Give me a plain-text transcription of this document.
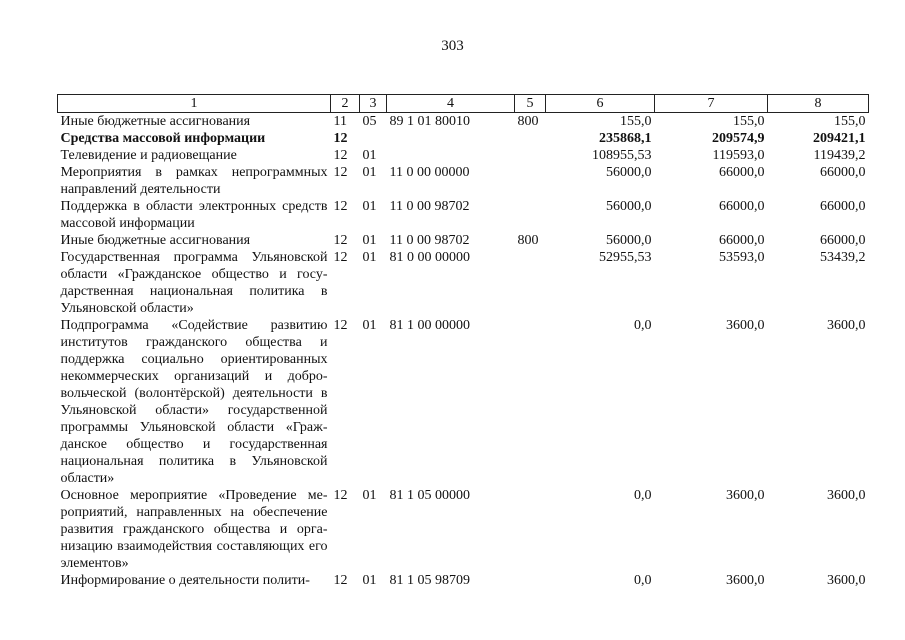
303
1	2	3	4	5	6	7	8
Иные бюджетные ассигнования	11	05	89 1 01 80010	800	155,0	155,0	155,0
Средства массовой информации	12				235868,1	209574,9	209421,1
Телевидение и радиовещание	12	01			108955,53	119593,0	119439,2
Мероприятия в рамках непрограммных направлений деятельности	12	01	11 0 00 00000		56000,0	66000,0	66000,0
Поддержка в области электронных средств массовой информации	12	01	11 0 00 98702		56000,0	66000,0	66000,0
Иные бюджетные ассигнования	12	01	11 0 00 98702	800	56000,0	66000,0	66000,0
Государственная программа Ульяновской области «Гражданское общество и государственная национальная политика в Ульяновской области»	12	01	81 0 00 00000		52955,53	53593,0	53439,2
Подпрограмма «Содействие развитию институтов гражданского общества и поддержка социально ориентированных некоммерческих организаций и добровольческой (волонтёрской) деятельности в Ульяновской области» государственной программы Ульяновской области «Гражданское общество и государственная национальная политика в Ульяновской области»	12	01	81 1 00 00000		0,0	3600,0	3600,0
Основное мероприятие «Проведение мероприятий, направленных на обеспечение развития гражданского общества и организацию взаимодействия составляющих его элементов»	12	01	81 1 05 00000		0,0	3600,0	3600,0
Информирование о деятельности полити-	12	01	81 1 05 98709		0,0	3600,0	3600,0
